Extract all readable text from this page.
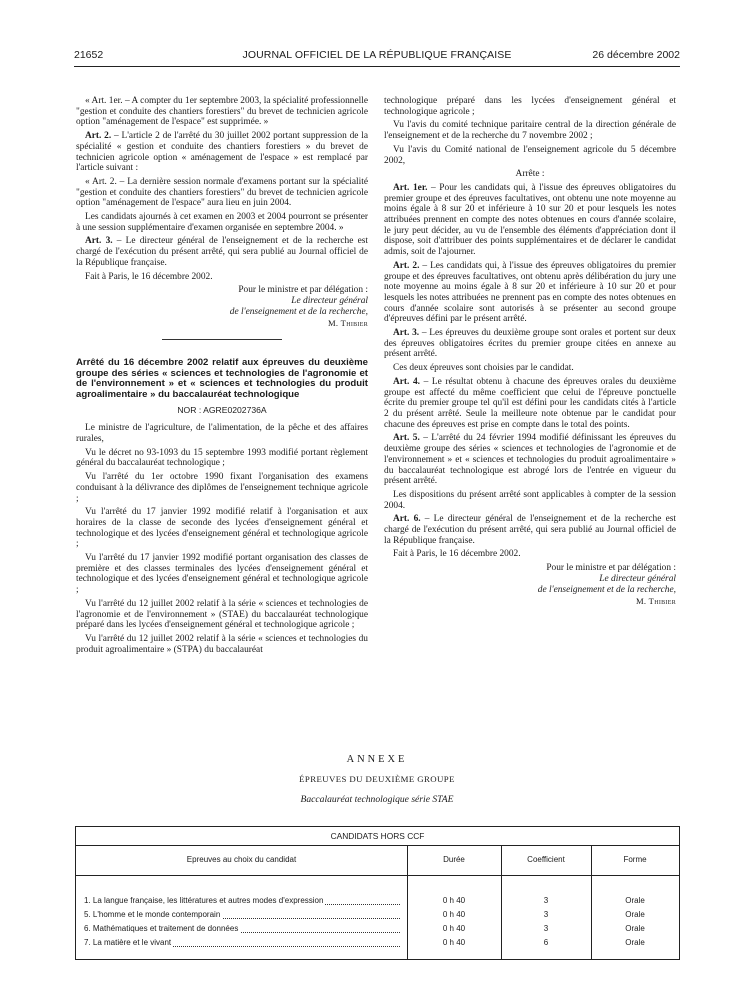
21652	JOURNAL OFFICIEL DE LA RÉPUBLIQUE FRANÇAISE	26 décembre 2002

« Art. 1er. – A compter du 1er septembre 2003, la spécialité professionnelle "gestion et conduite des chantiers forestiers" du brevet de technicien agricole option "aménagement de l'espace" est supprimée. »

Art. 2. – L'article 2 de l'arrêté du 30 juillet 2002 portant suppression de la spécialité « gestion et conduite des chantiers forestiers » du brevet de technicien agricole option « aménagement de l'espace » est remplacé par l'article suivant :

« Art. 2. – La dernière session normale d'examens portant sur la spécialité "gestion et conduite des chantiers forestiers" du brevet de technicien agricole option "aménagement de l'espace" aura lieu en juin 2004.

Les candidats ajournés à cet examen en 2003 et 2004 pourront se présenter à une session supplémentaire d'examen organisée en septembre 2004. »

Art. 3. – Le directeur général de l'enseignement et de la recherche est chargé de l'exécution du présent arrêté, qui sera publié au Journal officiel de la République française.

Fait à Paris, le 16 décembre 2002.

Pour le ministre et par délégation :
Le directeur général
de l'enseignement et de la recherche,
M. Thibier
Arrêté du 16 décembre 2002 relatif aux épreuves du deuxième groupe des séries « sciences et technologies de l'agronomie et de l'environnement » et « sciences et technologies du produit agroalimentaire » du baccalauréat technologique
NOR : AGRE0202736A

Le ministre de l'agriculture, de l'alimentation, de la pêche et des affaires rurales,

Vu le décret no 93-1093 du 15 septembre 1993 modifié portant règlement général du baccalauréat technologique ;

Vu l'arrêté du 1er octobre 1990 fixant l'organisation des examens conduisant à la délivrance des diplômes de l'enseignement technique agricole ;

Vu l'arrêté du 17 janvier 1992 modifié relatif à l'organisation et aux horaires de la classe de seconde des lycées d'enseignement général et technologique et des lycées d'enseignement général et technologique agricole ;

Vu l'arrêté du 17 janvier 1992 modifié portant organisation des classes de première et des classes terminales des lycées d'enseignement général et technologique et des lycées d'enseignement général et technologique agricole ;

Vu l'arrêté du 12 juillet 2002 relatif à la série « sciences et technologies de l'agronomie et de l'environnement » (STAE) du baccalauréat technologique préparé dans les lycées d'enseignement général et technologique agricole ;

Vu l'arrêté du 12 juillet 2002 relatif à la série « sciences et technologies du produit agroalimentaire » (STPA) du baccalauréat

technologique préparé dans les lycées d'enseignement général et technologique agricole ;

Vu l'avis du comité technique paritaire central de la direction générale de l'enseignement et de la recherche du 7 novembre 2002 ;

Vu l'avis du Comité national de l'enseignement agricole du 5 décembre 2002,

Arrête :

Art. 1er. – Pour les candidats qui, à l'issue des épreuves obligatoires du premier groupe et des épreuves facultatives, ont obtenu une note moyenne au moins égale à 8 sur 20 et inférieure à 10 sur 20 et pour lesquels les notes attribuées prennent en compte des notes obtenues en cours d'année scolaire, le jury peut décider, au vu de l'ensemble des éléments d'appréciation dont il dispose, soit d'attribuer des points supplémentaires et de déclarer le candidat admis, soit de l'ajourner.

Art. 2. – Les candidats qui, à l'issue des épreuves obligatoires du premier groupe et des épreuves facultatives, ont obtenu après délibération du jury une note moyenne au moins égale à 8 sur 20 et inférieure à 10 sur 20 et pour lesquels les notes attribuées ne prennent pas en compte des notes obtenues en cours d'année scolaire sont autorisés à se présenter au second groupe d'épreuves défini par le présent arrêté.

Art. 3. – Les épreuves du deuxième groupe sont orales et portent sur deux des épreuves obligatoires écrites du premier groupe citées en annexe au présent arrêté.

Ces deux épreuves sont choisies par le candidat.

Art. 4. – Le résultat obtenu à chacune des épreuves orales du deuxième groupe est affecté du même coefficient que celui de l'épreuve ponctuelle écrite du premier groupe tel qu'il est défini pour les candidats cités à l'article 2 du présent arrêté. Seule la meilleure note obtenue par le candidat pour chacune des épreuves est prise en compte dans le total des points.

Art. 5. – L'arrêté du 24 février 1994 modifié définissant les épreuves du deuxième groupe des séries « sciences et technologies de l'agronomie et de l'environnement » et « sciences et technologies du produit agroalimentaire » du baccalauréat technologique est abrogé lors de l'entrée en vigueur du présent arrêté.

Les dispositions du présent arrêté sont applicables à compter de la session 2004.

Art. 6. – Le directeur général de l'enseignement et de la recherche est chargé de l'exécution du présent arrêté, qui sera publié au Journal officiel de la République française.

Fait à Paris, le 16 décembre 2002.

Pour le ministre et par délégation :
Le directeur général
de l'enseignement et de la recherche,
M. Thibier
ANNEXE
ÉPREUVES DU DEUXIÈME GROUPE
Baccalauréat technologique série STAE
CANDIDATS HORS CCF
Epreuves au choix du candidat	Durée	Coefficient	Forme
1. La langue française, les littératures et autres modes d'expression	0 h 40	3	Orale
5. L'homme et le monde contemporain	0 h 40	3	Orale
6. Mathématiques et traitement de données	0 h 40	3	Orale
7. La matière et le vivant	0 h 40	6	Orale
